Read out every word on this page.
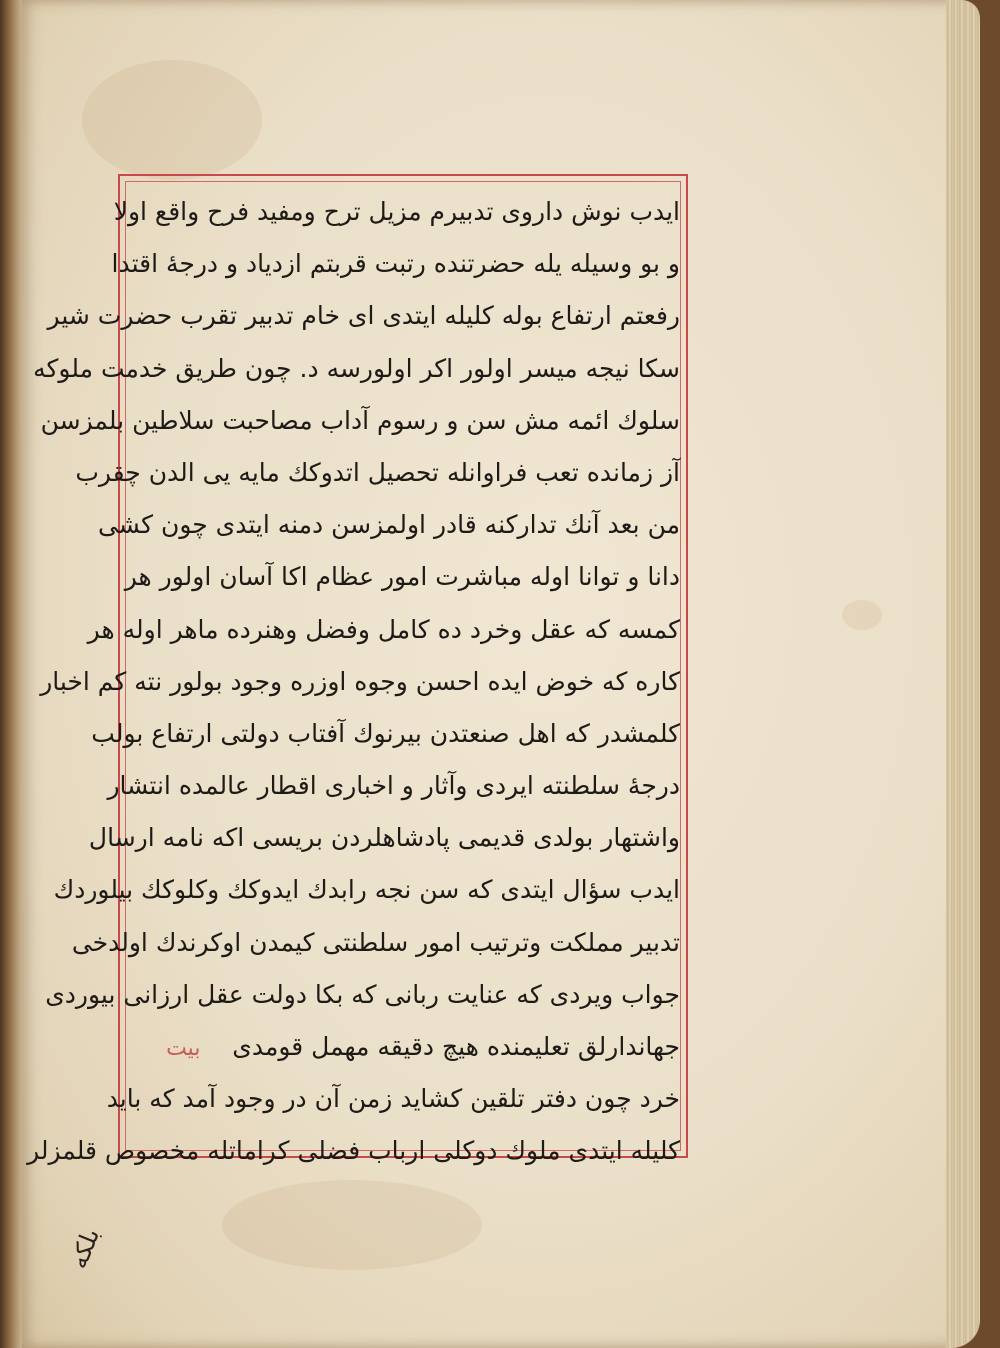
ایدب نوش داروی تدبیرم مزیل ترح ومفید فرح واقع اولا
و بو وسیله یله حضرتنده رتبت قربتم ازدیاد و درجهٔ اقتدا
رفعتم ارتفاع بوله کلیله ایتدی ای خام تدبیر تقرب حضرت شیر
سکا نیجه میسر اولور اکر اولورسه د. چون طریق خدمت ملوکه
سلوك ائمه مش سن و رسوم آداب مصاحبت سلاطین بلمزسن
آز زمانده تعب فراوانله تحصیل اتدوکك مایه یی الدن چقرب
من بعد آنك تدارکنه قادر اولمزسن دمنه ایتدی چون کشی
دانا و توانا اوله مباشرت امور عظام اکا آسان اولور هر
کمسه که عقل وخرد ده کامل وفضل وهنرده ماهر اوله هر
کاره که خوض ایده احسن وجوه اوزره وجود بولور نته کم اخبار
کلمشدر که اهل صنعتدن بیرنوك آفتاب دولتی ارتفاع بولب
درجهٔ سلطنته ایردی وآثار و اخباری اقطار عالمده انتشار
واشتهار بولدی قدیمی پادشاهلردن بریسی اکه نامه ارسال
ایدب سؤال ایتدی که سن نجه رابدك ایدوکك وکلوکك بیلوردك
تدبیر مملکت وترتیب امور سلطنتی کیمدن اوکرندك اولدخی
جواب ویردی که عنایت ربانی که بکا دولت عقل ارزانی بیوردی
جهاندارلق تعلیمنده هیچ دقیقه مهمل قومدی    بیت
خرد چون دفتر تلقین کشاید زمن آن در وجود آمد که باید
کلیله ایتدی ملوك دوکلی ارباب فضلی کراماتله مخصوص قلمزلر
بلکه
